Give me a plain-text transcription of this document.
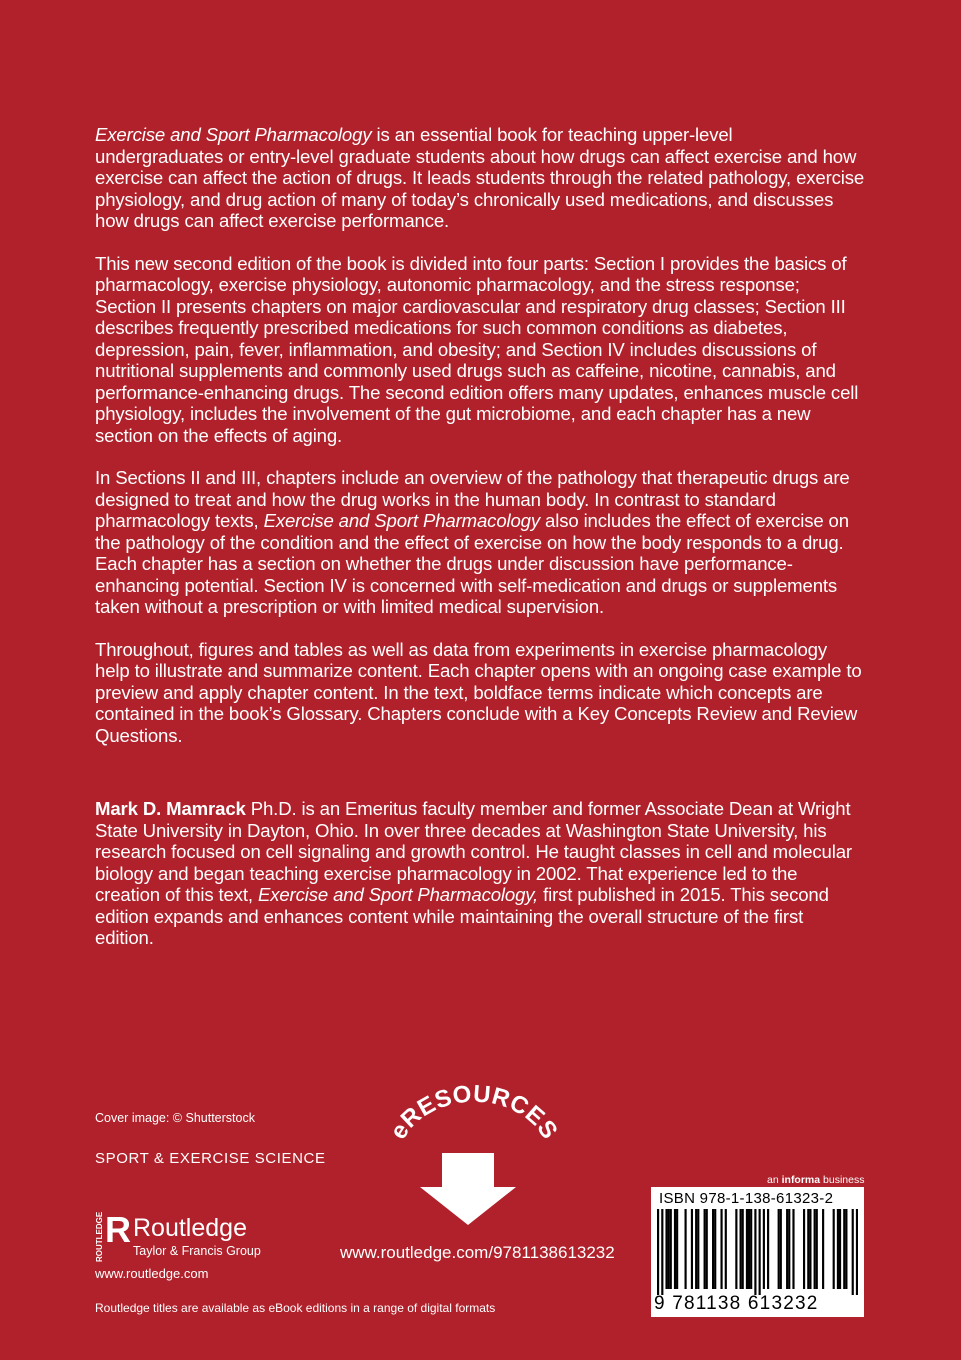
Exercise and Sport Pharmacology is an essential book for teaching upper-level undergraduates or entry-level graduate students about how drugs can affect exercise and how exercise can affect the action of drugs. It leads students through the related pathology, exercise physiology, and drug action of many of today’s chronically used medications, and discusses how drugs can affect exercise performance.

This new second edition of the book is divided into four parts: Section I provides the basics of pharmacology, exercise physiology, autonomic pharmacology, and the stress response; Section II presents chapters on major cardiovascular and respiratory drug classes; Section III describes frequently prescribed medications for such common conditions as diabetes, depression, pain, fever, inflammation, and obesity; and Section IV includes discussions of nutritional supplements and commonly used drugs such as caffeine, nicotine, cannabis, and performance-enhancing drugs. The second edition offers many updates, enhances muscle cell physiology, includes the involvement of the gut microbiome, and each chapter has a new section on the effects of aging.

In Sections II and III, chapters include an overview of the pathology that therapeutic drugs are designed to treat and how the drug works in the human body. In contrast to standard pharmacology texts, Exercise and Sport Pharmacology also includes the effect of exercise on the pathology of the condition and the effect of exercise on how the body responds to a drug. Each chapter has a section on whether the drugs under discussion have performance-enhancing potential. Section IV is concerned with self-medication and drugs or supplements taken without a prescription or with limited medical supervision.

Throughout, figures and tables as well as data from experiments in exercise pharmacology help to illustrate and summarize content. Each chapter opens with an ongoing case example to preview and apply chapter content. In the text, boldface terms indicate which concepts are contained in the book’s Glossary. Chapters conclude with a Key Concepts Review and Review Questions.

Mark D. Mamrack Ph.D. is an Emeritus faculty member and former Associate Dean at Wright State University in Dayton, Ohio. In over three decades at Washington State University, his research focused on cell signaling and growth control. He taught classes in cell and molecular biology and began teaching exercise pharmacology in 2002. That experience led to the creation of this text, Exercise and Sport Pharmacology, first published in 2015. This second edition expands and enhances content while maintaining the overall structure of the first edition.

Cover image: © Shutterstock
SPORT & EXERCISE SCIENCE
ROUTLEDGE R Routledge
Taylor & Francis Group
www.routledge.com
Routledge titles are available as eBook editions in a range of digital formats
eRESOURCES
www.routledge.com/9781138613232
an informa business
ISBN 978-1-138-61323-2
9 781138 613232
